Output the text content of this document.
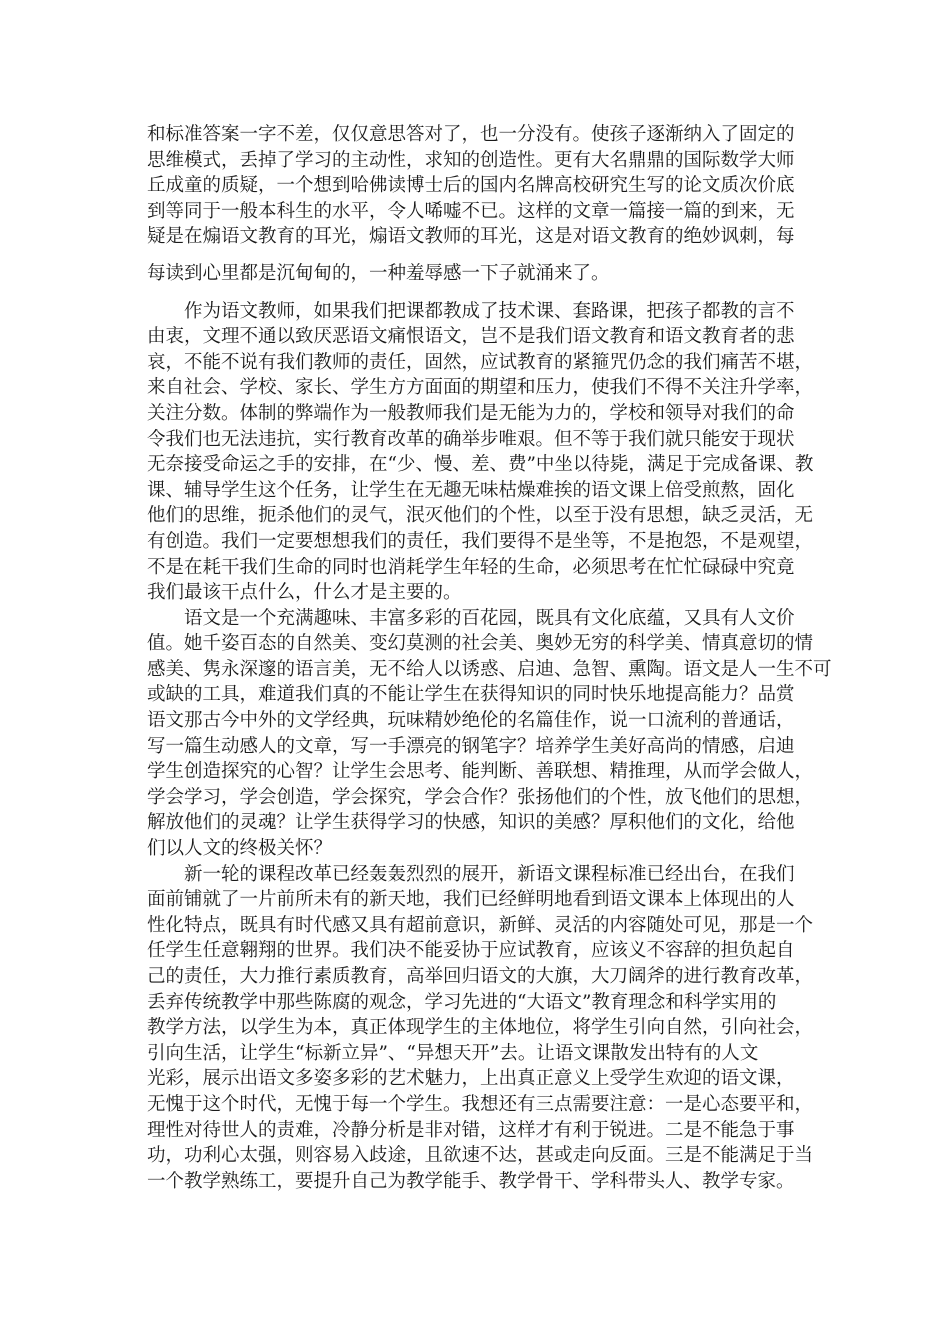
和标准答案一字不差，仅仅意思答对了，也一分没有。使孩子逐渐纳入了固定的
思维模式，丢掉了学习的主动性，求知的创造性。更有大名鼎鼎的国际数学大师
丘成童的质疑，一个想到哈佛读博士后的国内名牌高校研究生写的论文质次价底
到等同于一般本科生的水平，令人唏嘘不已。这样的文章一篇接一篇的到来，无
疑是在煽语文教育的耳光，煽语文教师的耳光，这是对语文教育的绝妙讽刺，每
每读到心里都是沉甸甸的，一种羞辱感一下子就涌来了。
作为语文教师，如果我们把课都教成了技术课、套路课，把孩子都教的言不
由衷，文理不通以致厌恶语文痛恨语文，岂不是我们语文教育和语文教育者的悲
哀，不能不说有我们教师的责任，固然，应试教育的紧箍咒仍念的我们痛苦不堪，
来自社会、学校、家长、学生方方面面的期望和压力，使我们不得不关注升学率，
关注分数。体制的弊端作为一般教师我们是无能为力的，学校和领导对我们的命
令我们也无法违抗，实行教育改革的确举步唯艰。但不等于我们就只能安于现状
无奈接受命运之手的安排，在“少、慢、差、费”中坐以待毙，满足于完成备课、教
课、辅导学生这个任务，让学生在无趣无味枯燥难挨的语文课上倍受煎熬，固化
他们的思维，扼杀他们的灵气，泯灭他们的个性，以至于没有思想，缺乏灵活，无
有创造。我们一定要想想我们的责任，我们要得不是坐等，不是抱怨，不是观望，
不是在耗干我们生命的同时也消耗学生年轻的生命，必须思考在忙忙碌碌中究竟
我们最该干点什么，什么才是主要的。
语文是一个充满趣味、丰富多彩的百花园，既具有文化底蕴，又具有人文价
值。她千姿百态的自然美、变幻莫测的社会美、奥妙无穷的科学美、情真意切的情
感美、隽永深邃的语言美，无不给人以诱惑、启迪、急智、熏陶。语文是人一生不可
或缺的工具，难道我们真的不能让学生在获得知识的同时快乐地提高能力？品赏
语文那古今中外的文学经典，玩味精妙绝伦的名篇佳作，说一口流利的普通话，
写一篇生动感人的文章，写一手漂亮的钢笔字？培养学生美好高尚的情感，启迪
学生创造探究的心智？让学生会思考、能判断、善联想、精推理，从而学会做人，
学会学习，学会创造，学会探究，学会合作？张扬他们的个性，放飞他们的思想，
解放他们的灵魂？让学生获得学习的快感，知识的美感？厚积他们的文化，给他
们以人文的终极关怀？
新一轮的课程改革已经轰轰烈烈的展开，新语文课程标准已经出台，在我们
面前铺就了一片前所未有的新天地，我们已经鲜明地看到语文课本上体现出的人
性化特点，既具有时代感又具有超前意识，新鲜、灵活的内容随处可见，那是一个
任学生任意翱翔的世界。我们决不能妥协于应试教育，应该义不容辞的担负起自
己的责任，大力推行素质教育，高举回归语文的大旗，大刀阔斧的进行教育改革，
丢弃传统教学中那些陈腐的观念，学习先进的“大语文”教育理念和科学实用的
教学方法，以学生为本，真正体现学生的主体地位，将学生引向自然，引向社会，
引向生活，让学生“标新立异”、“异想天开”去。让语文课散发出特有的人文
光彩，展示出语文多姿多彩的艺术魅力，上出真正意义上受学生欢迎的语文课，
无愧于这个时代，无愧于每一个学生。我想还有三点需要注意：一是心态要平和，
理性对待世人的责难，冷静分析是非对错，这样才有利于锐进。二是不能急于事
功，功利心太强，则容易入歧途，且欲速不达，甚或走向反面。三是不能满足于当
一个教学熟练工，要提升自己为教学能手、教学骨干、学科带头人、教学专家。
